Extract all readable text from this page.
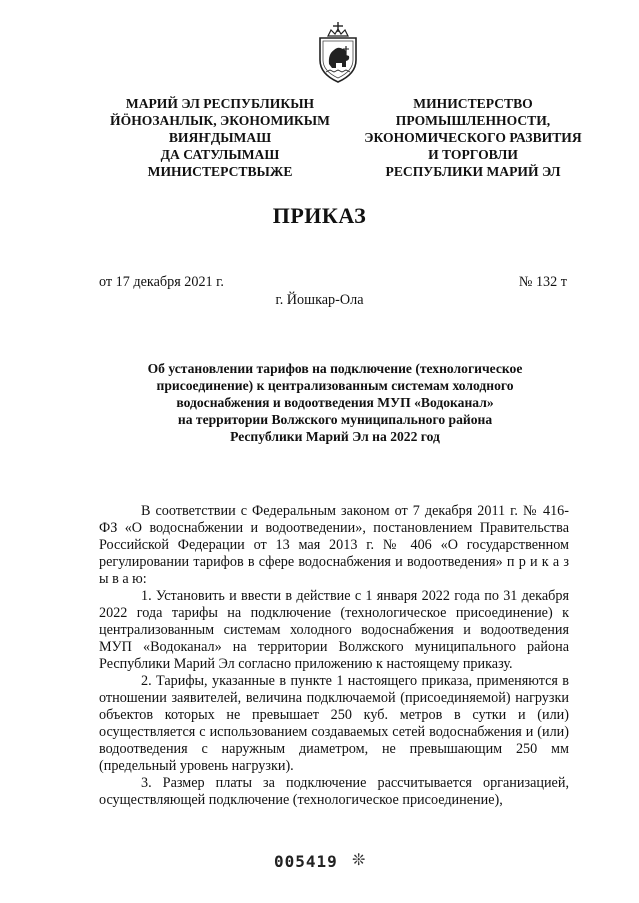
МАРИЙ ЭЛ РЕСПУБЛИКЫН
ЙӦНОЗАНЛЫК, ЭКОНОМИКЫМ
ВИЯҤДЫМАШ
ДА САТУЛЫМАШ
МИНИСТЕРСТВЫЖЕ
МИНИСТЕРСТВО
ПРОМЫШЛЕННОСТИ,
ЭКОНОМИЧЕСКОГО РАЗВИТИЯ
И ТОРГОВЛИ
РЕСПУБЛИКИ МАРИЙ ЭЛ
ПРИКАЗ
от 17 декабря 2021 г.	№ 132 т
г. Йошкар-Ола
Об установлении тарифов на подключение (технологическое
присоединение) к централизованным системам холодного
водоснабжения и водоотведения МУП «Водоканал»
на территории Волжского муниципального района
Республики Марий Эл на 2022 год

В соответствии с Федеральным законом от 7 декабря 2011 г. № 416-ФЗ «О водоснабжении и водоотведении», постановлением Правительства Российской Федерации от 13 мая 2013 г. № 406 «О государственном регулировании тарифов в сфере водоснабжения и водоотведения» п р и к а з ы в а ю:

1. Установить и ввести в действие с 1 января 2022 года по 31 декабря 2022 года тарифы на подключение (технологическое присоединение) к централизованным системам холодного водоснабжения и водоотведения МУП «Водоканал» на территории Волжского муниципального района Республики Марий Эл согласно приложению к настоящему приказу.

2. Тарифы, указанные в пункте 1 настоящего приказа, применяются в отношении заявителей, величина подключаемой (присоединяемой) нагрузки объектов которых не превышает 250 куб. метров в сутки и (или) осуществляется с использованием создаваемых сетей водоснабжения и (или) водоотведения с наружным диаметром, не превышающим 250 мм (предельный уровень нагрузки).

3. Размер платы за подключение рассчитывается организацией, осуществляющей подключение (технологическое присоединение),

005419 ❊
